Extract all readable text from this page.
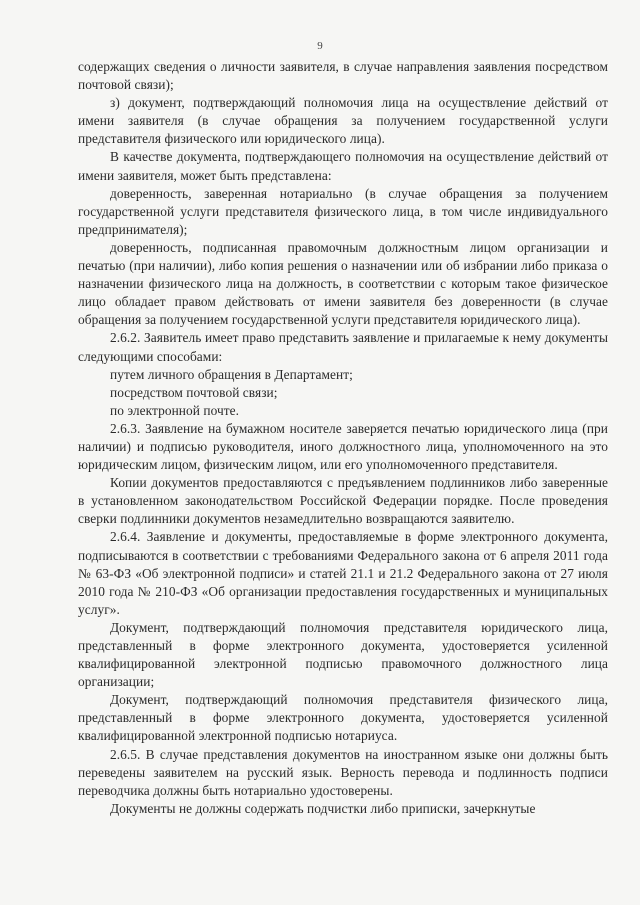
9

содержащих сведения о личности заявителя, в случае направления заявления посредством почтовой связи);

з) документ, подтверждающий полномочия лица на осуществление действий от имени заявителя (в случае обращения за получением государственной услуги представителя физического или юридического лица).

В качестве документа, подтверждающего полномочия на осуществление действий от имени заявителя, может быть представлена:

доверенность, заверенная нотариально (в случае обращения за получением государственной услуги представителя физического лица, в том числе индивидуального предпринимателя);

доверенность, подписанная правомочным должностным лицом организации и печатью (при наличии), либо копия решения о назначении или об избрании либо приказа о назначении физического лица на должность, в соответствии с которым такое физическое лицо обладает правом действовать от имени заявителя без доверенности (в случае обращения за получением государственной услуги представителя юридического лица).

2.6.2. Заявитель имеет право представить заявление и прилагаемые к нему документы следующими способами:

путем личного обращения в Департамент;

посредством почтовой связи;

по электронной почте.

2.6.3. Заявление на бумажном носителе заверяется печатью юридического лица (при наличии) и подписью руководителя, иного должностного лица, уполномоченного на это юридическим лицом, физическим лицом, или его уполномоченного представителя.

Копии документов предоставляются с предъявлением подлинников либо заверенные в установленном законодательством Российской Федерации порядке. После проведения сверки подлинники документов незамедлительно возвращаются заявителю.

2.6.4. Заявление и документы, предоставляемые в форме электронного документа, подписываются в соответствии с требованиями Федерального закона от 6 апреля 2011 года № 63-ФЗ «Об электронной подписи» и статей 21.1 и 21.2 Федерального закона от 27 июля 2010 года № 210-ФЗ «Об организации предоставления государственных и муниципальных услуг».

Документ, подтверждающий полномочия представителя юридического лица, представленный в форме электронного документа, удостоверяется усиленной квалифицированной электронной подписью правомочного должностного лица организации;

Документ, подтверждающий полномочия представителя физического лица, представленный в форме электронного документа, удостоверяется усиленной квалифицированной электронной подписью нотариуса.

2.6.5. В случае представления документов на иностранном языке они должны быть переведены заявителем на русский язык. Верность перевода и подлинность подписи переводчика должны быть нотариально удостоверены.

Документы не должны содержать подчистки либо приписки, зачеркнутые
